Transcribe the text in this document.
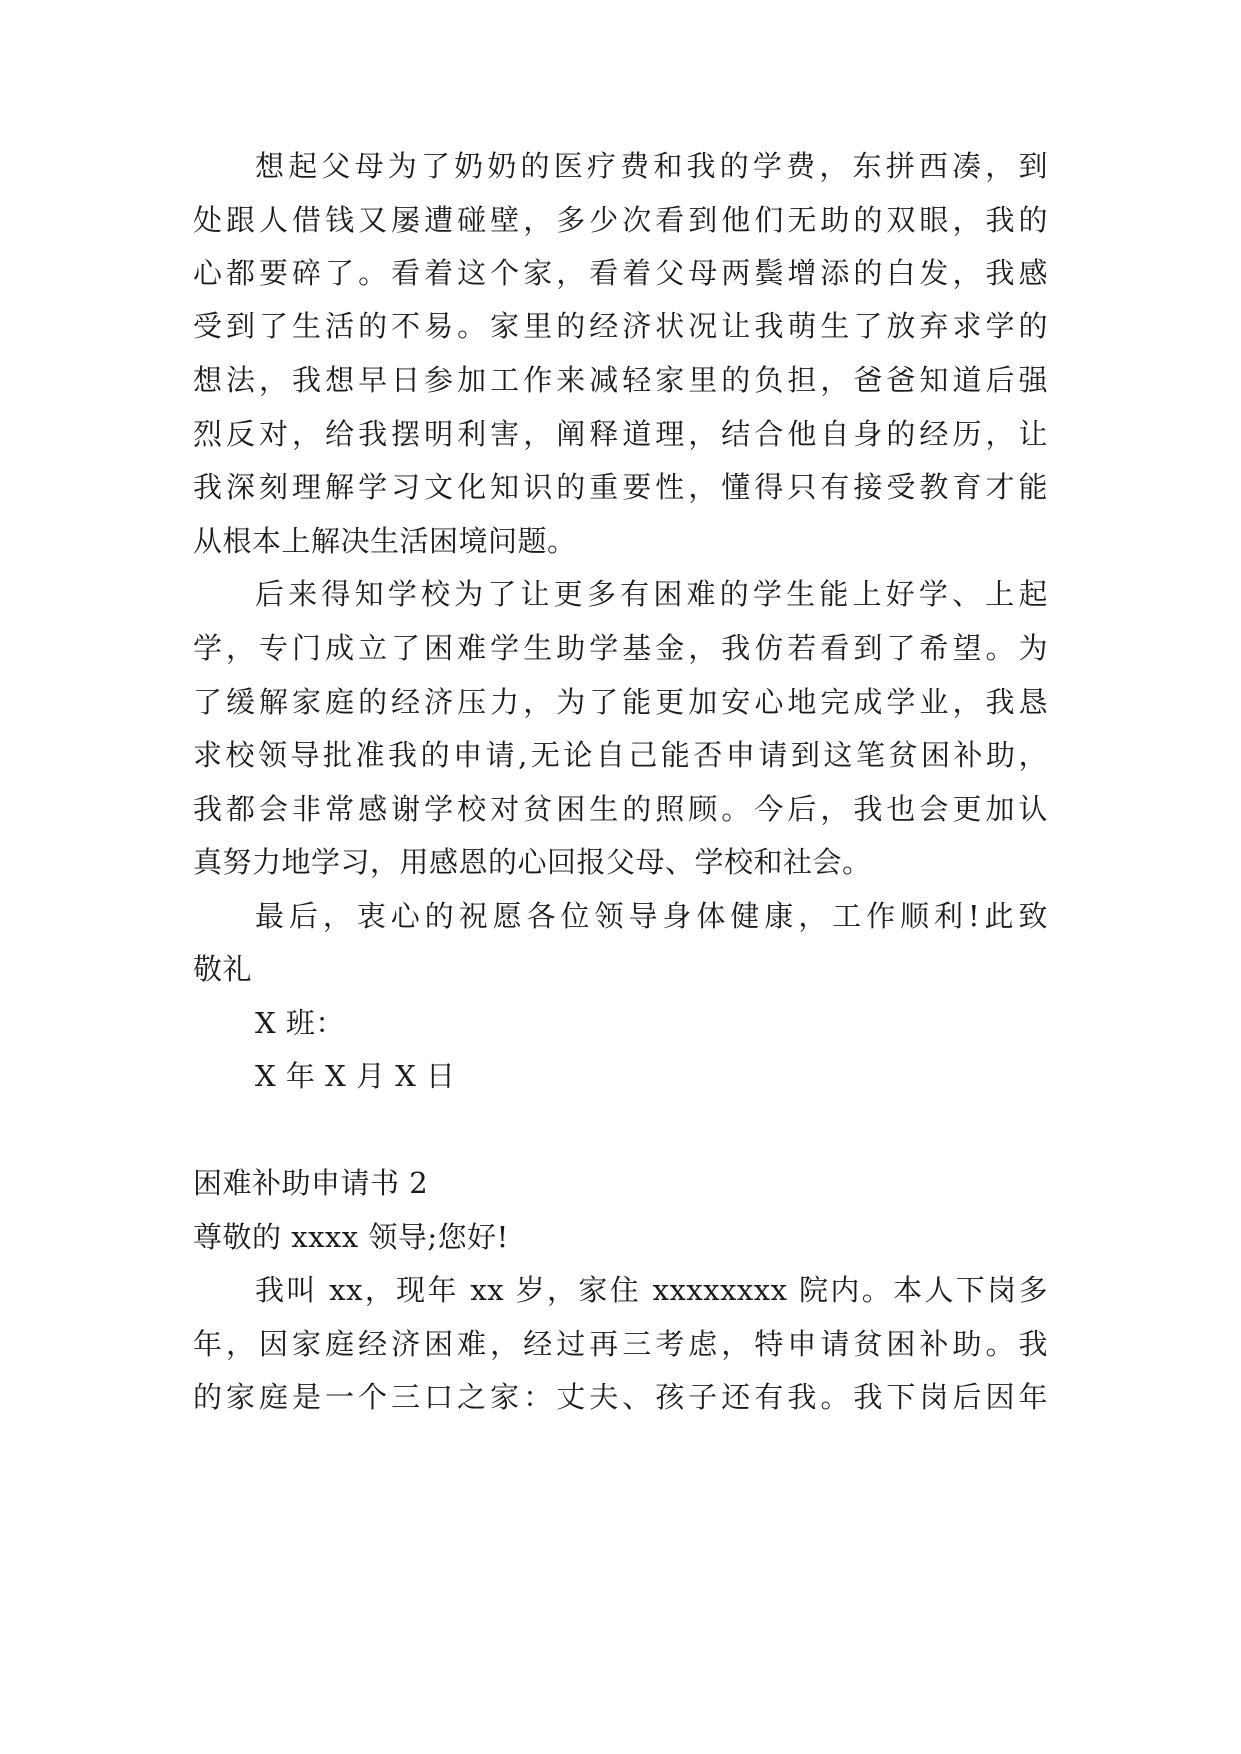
想起父母为了奶奶的医疗费和我的学费，东拼西凑，到

处跟人借钱又屡遭碰壁，多少次看到他们无助的双眼，我的

心都要碎了。看着这个家，看着父母两鬓增添的白发，我感

受到了生活的不易。家里的经济状况让我萌生了放弃求学的

想法，我想早日参加工作来减轻家里的负担，爸爸知道后强

烈反对，给我摆明利害，阐释道理，结合他自身的经历，让

我深刻理解学习文化知识的重要性，懂得只有接受教育才能

从根本上解决生活困境问题。

后来得知学校为了让更多有困难的学生能上好学、上起

学，专门成立了困难学生助学基金，我仿若看到了希望。为

了缓解家庭的经济压力，为了能更加安心地完成学业，我恳

求校领导批准我的申请,无论自己能否申请到这笔贫困补助，

我都会非常感谢学校对贫困生的照顾。今后，我也会更加认

真努力地学习，用感恩的心回报父母、学校和社会。

最后，衷心的祝愿各位领导身体健康，工作顺利!此致

敬礼

X 班：

X 年 X 月 X 日

困难补助申请书 2

尊敬的 xxxx 领导;您好!

我叫 xx，现年 xx 岁，家住 xxxxxxxx 院内。本人下岗多

年，因家庭经济困难，经过再三考虑，特申请贫困补助。我

的家庭是一个三口之家：丈夫、孩子还有我。我下岗后因年
